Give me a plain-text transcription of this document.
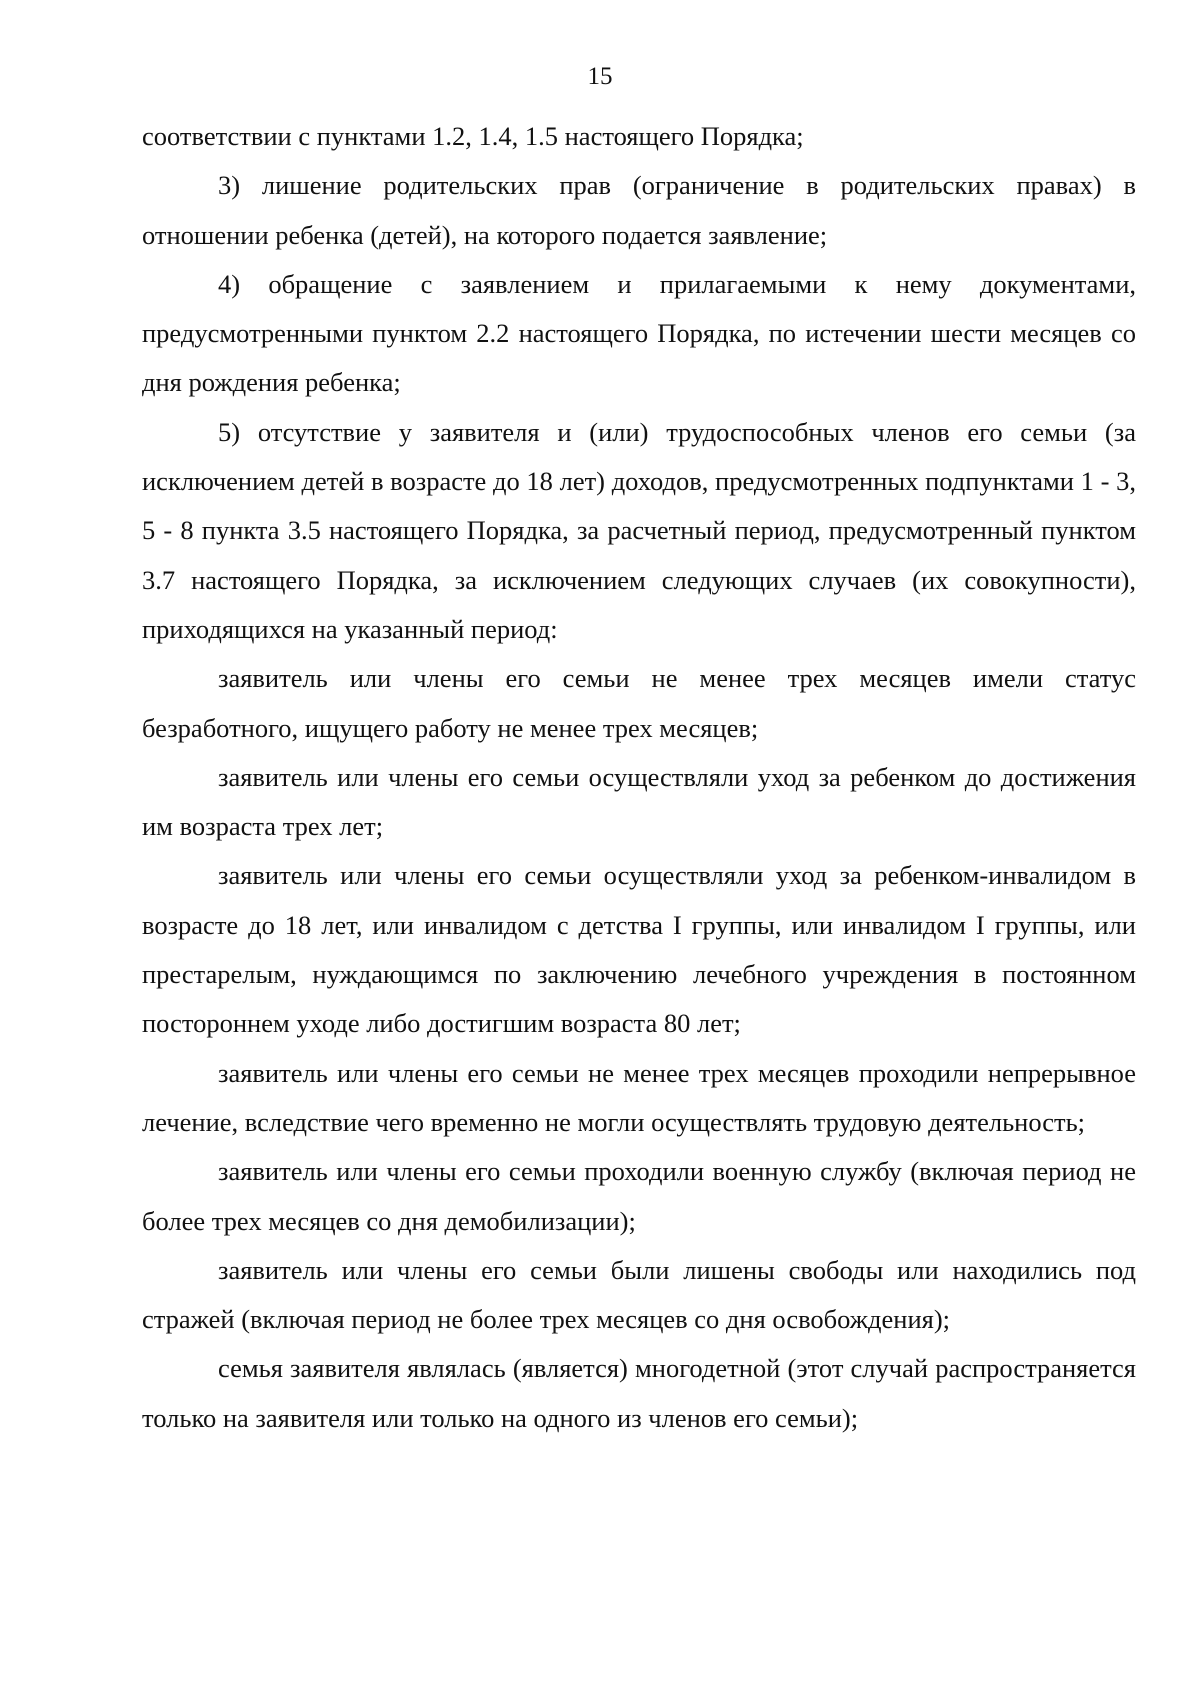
15

соответствии с пунктами 1.2, 1.4, 1.5 настоящего Порядка;

3) лишение родительских прав (ограничение в родительских правах) в отношении ребенка (детей), на которого подается заявление;

4) обращение с заявлением и прилагаемыми к нему документами, предусмотренными пунктом 2.2 настоящего Порядка, по истечении шести месяцев со дня рождения ребенка;

5) отсутствие у заявителя и (или) трудоспособных членов его семьи (за исключением детей в возрасте до 18 лет) доходов, предусмотренных подпунктами 1 - 3, 5 - 8 пункта 3.5 настоящего Порядка, за расчетный период, предусмотренный пунктом 3.7 настоящего Порядка, за исключением следующих случаев (их совокупности), приходящихся на указанный период:

заявитель или члены его семьи не менее трех месяцев имели статус безработного, ищущего работу не менее трех месяцев;

заявитель или члены его семьи осуществляли уход за ребенком до достижения им возраста трех лет;

заявитель или члены его семьи осуществляли уход за ребенком-инвалидом в возрасте до 18 лет, или инвалидом с детства I группы, или инвалидом I группы, или престарелым, нуждающимся по заключению лечебного учреждения в постоянном постороннем уходе либо достигшим возраста 80 лет;

заявитель или члены его семьи не менее трех месяцев проходили непрерывное лечение, вследствие чего временно не могли осуществлять трудовую деятельность;

заявитель или члены его семьи проходили военную службу (включая период не более трех месяцев со дня демобилизации);

заявитель или члены его семьи были лишены свободы или находились под стражей (включая период не более трех месяцев со дня освобождения);

семья заявителя являлась (является) многодетной (этот случай распространяется только на заявителя или только на одного из членов его семьи);
